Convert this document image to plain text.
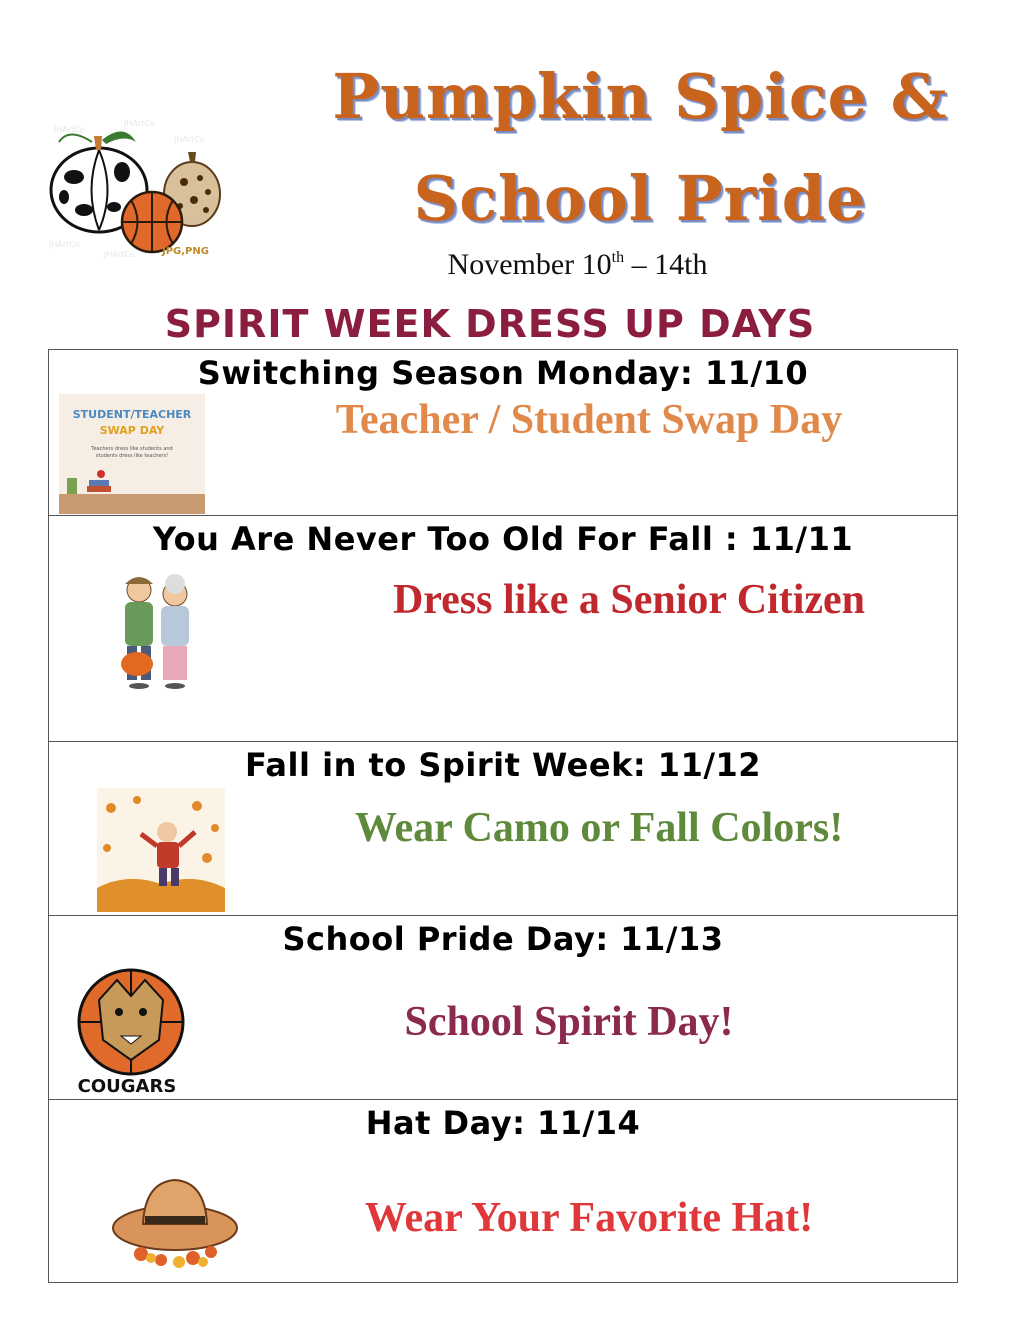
JHArtCo
JHArtCo
JHArtCo
JHArtCo
JHArtCo	JPG,PNG
Pumpkin Spice &
School Pride
November 10th – 14th
SPIRIT WEEK DRESS UP DAYS
Switching Season Monday: 11/10
STUDENT/TEACHER
SWAP DAY
Teachers dress like students and
students dress like teachers!
Teacher / Student Swap Day
You Are Never Too Old For Fall : 11/11
Dress like a Senior Citizen
Fall in to Spirit Week: 11/12
Wear Camo or Fall Colors!
School Pride Day: 11/13
COUGARS
School Spirit Day!
Hat Day: 11/14
Wear Your Favorite Hat!
